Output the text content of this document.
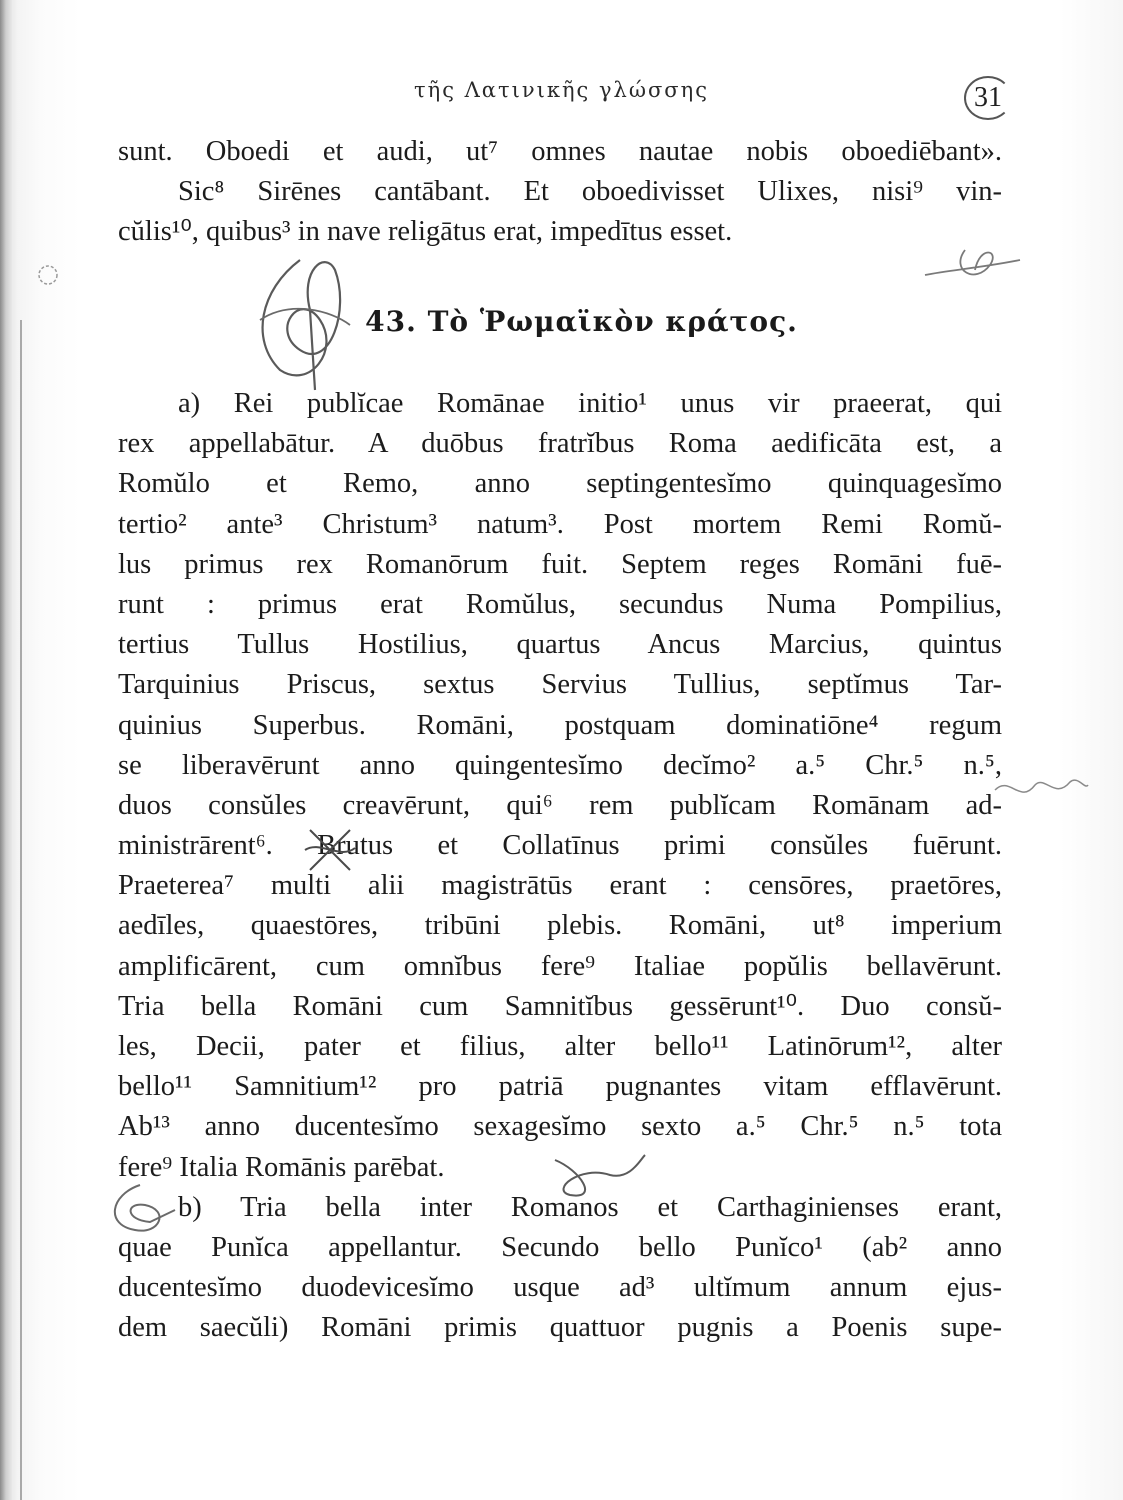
τῆς Λατινικῆς γλώσσης	31
sunt. Oboedi et audi, ut⁷ omnes nautae nobis oboediēbant».
Sic⁸ Sirēnes cantābant. Et oboedivisset Ulixes, nisi⁹ vin-
cŭlis¹⁰, quibus³ in nave religātus erat, impedītus esset.
43. Τὸ Ῥωμαϊκὸν κράτος.
a) Rei publĭcae Romānae initio¹ unus vir praeerat, qui
rex appellabātur. A duōbus fratrĭbus Roma aedificāta est, a
Romŭlo et Remo, anno septingentesĭmo quinquagesĭmo
tertio² ante³ Christum³ natum³. Post mortem Remi Romŭ-
lus primus rex Romanōrum fuit. Septem reges Romāni fuē-
runt : primus erat Romŭlus, secundus Numa Pompilius,
tertius Tullus Hostilius, quartus Ancus Marcius, quintus
Tarquinius Priscus, sextus Servius Tullius, septĭmus Tar-
quinius Superbus. Romāni, postquam dominatiōne⁴ regum
se liberavērunt anno quingentesĭmo decĭmo² a.⁵ Chr.⁵ n.⁵,
duos consŭles creavērunt, qui⁶ rem publĭcam Romānam ad-
ministrārent⁶. Brutus et Collatīnus primi consŭles fuērunt.
Praeterea⁷ multi alii magistrātūs erant : censōres, praetōres,
aedīles, quaestōres, tribūni plebis. Romāni, ut⁸ imperium
amplificārent, cum omnĭbus fere⁹ Italiae popŭlis bellavērunt.
Tria bella Romāni cum Samnitĭbus gessērunt¹⁰. Duo consŭ-
les, Decii, pater et filius, alter bello¹¹ Latinōrum¹², alter
bello¹¹ Samnitium¹² pro patriā pugnantes vitam efflavērunt.
Ab¹³ anno ducentesĭmo sexagesĭmo sexto a.⁵ Chr.⁵ n.⁵ tota
fere⁹ Italia Romānis parēbat.
b) Tria bella inter Romanos et Carthaginienses erant,
quae Punĭca appellantur. Secundo bello Punĭco¹ (ab² anno
ducentesĭmo duodevicesĭmo usque ad³ ultĭmum annum ejus-
dem saecŭli) Romāni primis quattuor pugnis a Poenis supe-
